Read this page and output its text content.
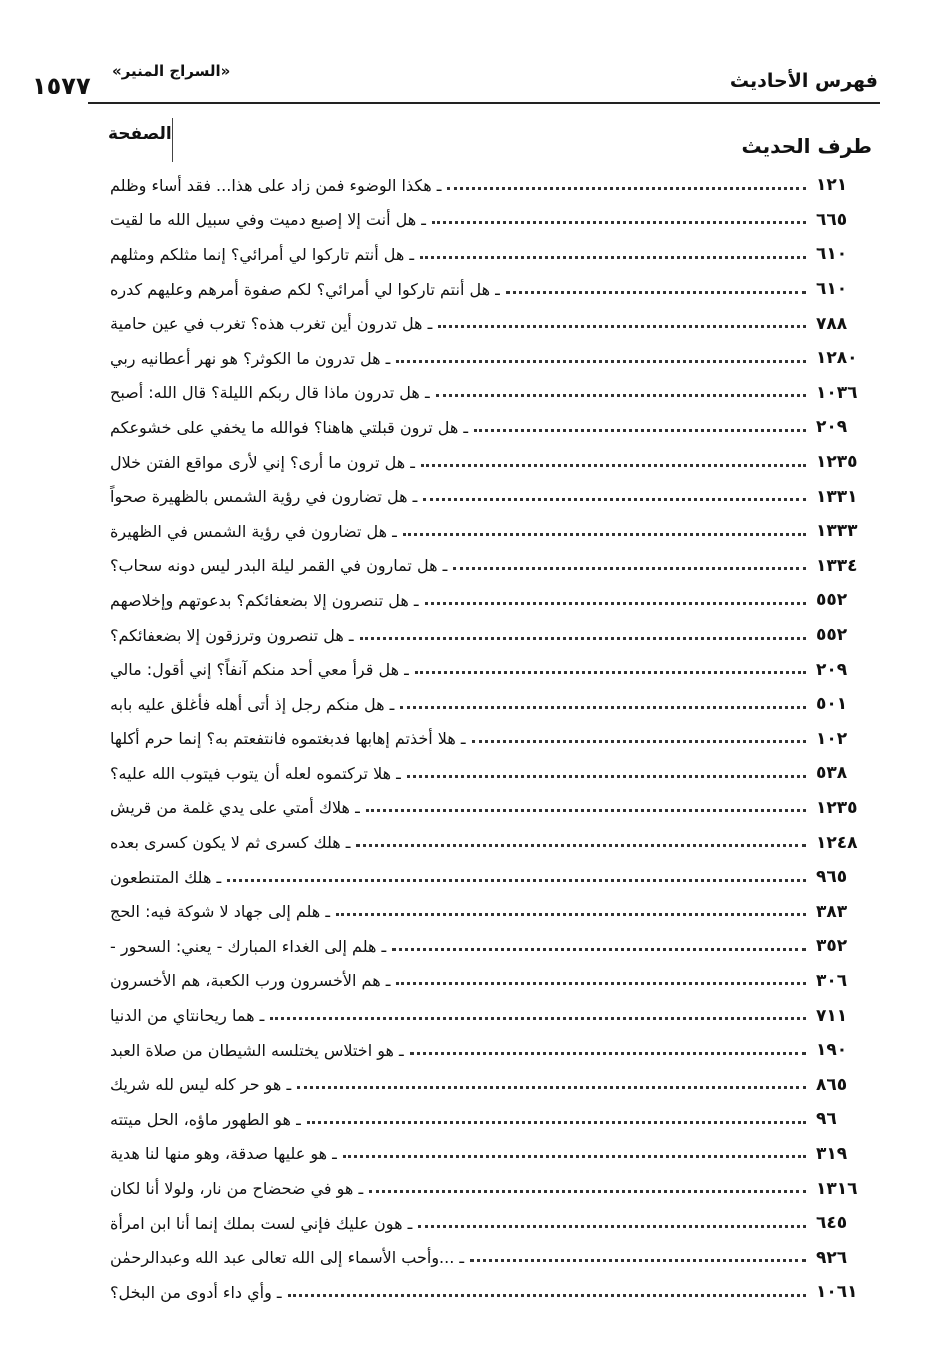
فهرس الأحاديث
«السراج المنير»
١٥٧٧
الصفحة	طرف الحديث
ـ هكذا الوضوء فمن زاد على هذا... فقد أساء وظلم	١٢١
ـ هل أنت إلا إصبع دميت وفي سبيل الله ما لقيت	٦٦٥
ـ هل أنتم تاركوا لي أمرائي؟ إنما مثلكم ومثلهم	٦١٠
ـ هل أنتم تاركوا لي أمرائي؟ لكم صفوة أمرهم وعليهم كدره	٦١٠
ـ هل تدرون أين تغرب هذه؟ تغرب في عين حامية	٧٨٨
ـ هل تدرون ما الكوثر؟ هو نهر أعطانيه ربي	١٢٨٠
ـ هل تدرون ماذا قال ربكم الليلة؟ قال الله: أصبح	١٠٣٦
ـ هل ترون قبلتي هاهنا؟ فوالله ما يخفي على خشوعكم	٢٠٩
ـ هل ترون ما أرى؟ إني لأرى مواقع الفتن خلال	١٢٣٥
ـ هل تضارون في رؤية الشمس بالظهيرة صحواً	١٣٣١
ـ هل تضارون في رؤية الشمس في الظهيرة	١٣٣٣
ـ هل تمارون في القمر ليلة البدر ليس دونه سحاب؟	١٣٣٤
ـ هل تنصرون إلا بضعفائكم؟ بدعوتهم وإخلاصهم	٥٥٢
ـ هل تنصرون وترزقون إلا بضعفائكم؟	٥٥٢
ـ هل قرأ معي أحد منكم آنفاً؟ إني أقول: مالي	٢٠٩
ـ هل منكم رجل إذ أتى أهله فأغلق عليه بابه	٥٠١
ـ هلا أخذتم إهابها فدبغتموه فانتفعتم به؟ إنما حرم أكلها	١٠٢
ـ هلا تركتموه لعله أن يتوب فيتوب الله عليه؟	٥٣٨
ـ هلاك أمتي على يدي غلمة من قريش	١٢٣٥
ـ هلك كسرى ثم لا يكون كسرى بعده	١٢٤٨
ـ هلك المتنطعون	٩٦٥
ـ هلم إلى جهاد لا شوكة فيه: الحج	٣٨٣
ـ هلم إلى الغداء المبارك - يعني: السحور -	٣٥٢
ـ هم الأخسرون ورب الكعبة، هم الأخسرون	٣٠٦
ـ هما ريحانتاي من الدنيا	٧١١
ـ هو اختلاس يختلسه الشيطان من صلاة العبد	١٩٠
ـ هو حر كله ليس لله شريك	٨٦٥
ـ هو الطهور ماؤه، الحل ميتته	٩٦
ـ هو عليها صدقة، وهو منها لنا هدية	٣١٩
ـ هو في ضحضاح من نار، ولولا أنا لكان	١٣١٦
ـ هون عليك فإني لست بملك إنما أنا ابن امرأة	٦٤٥
ـ ...وأحب الأسماء إلى الله تعالى عبد الله وعبدالرحمٰن	٩٢٦
ـ وأي داء أدوى من البخل؟	١٠٦١
